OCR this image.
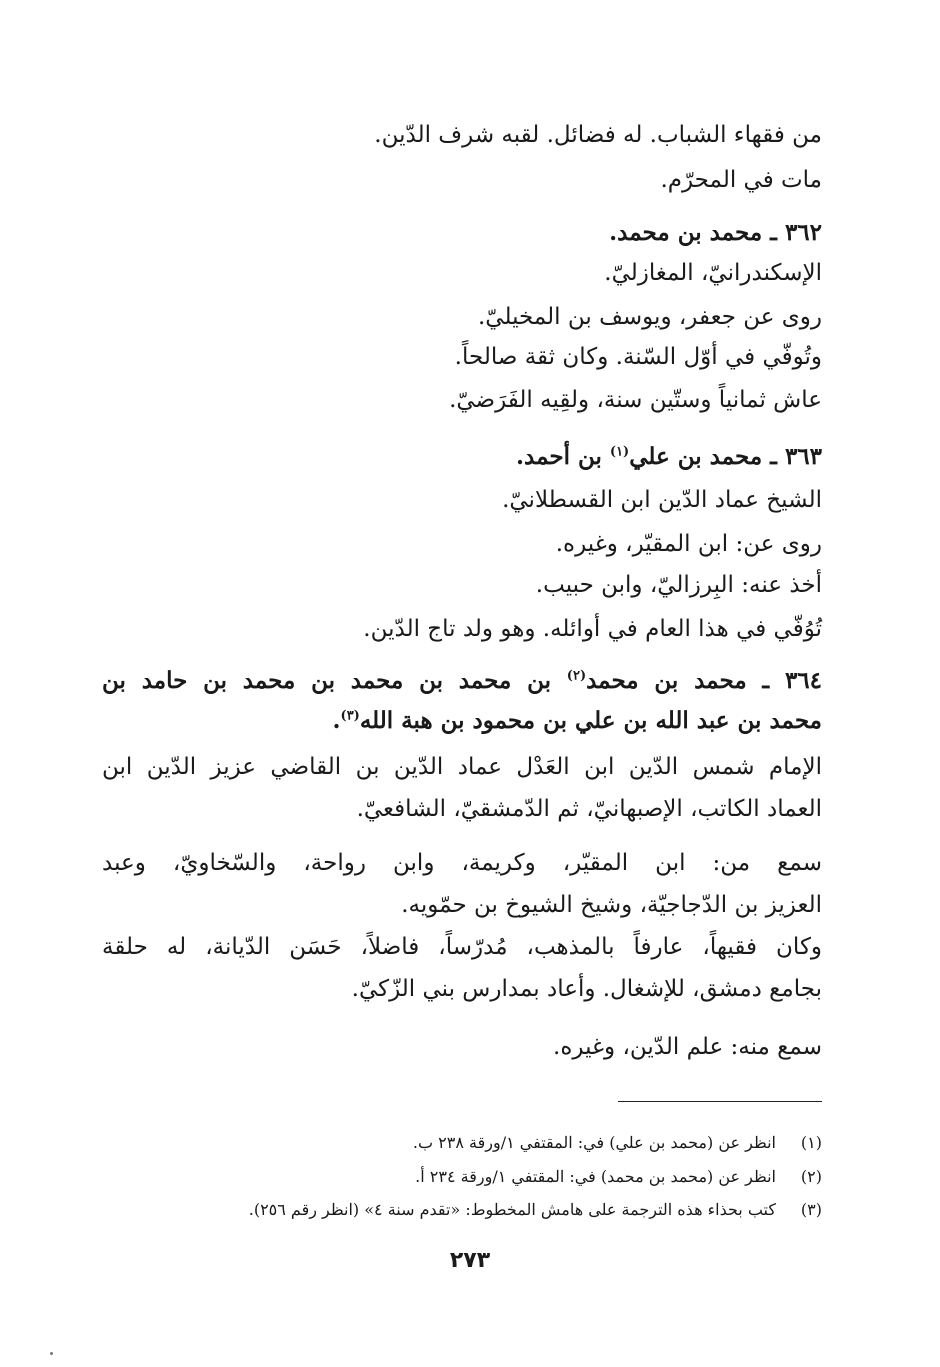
من فقهاء الشباب. له فضائل. لقبه شرف الدّين.
مات في المحرّم.
٣٦٢ ـ محمد بن محمد.
الإسكندرانيّ، المغازليّ.
روى عن جعفر، ويوسف بن المخيليّ.
وتُوفّي في أوّل السّنة. وكان ثقة صالحاً.
عاش ثمانياً وستّين سنة، ولقِيه الفَرَضيّ.
٣٦٣ ـ محمد بن علي$^{(١)}$ بن أحمد.
الشيخ عماد الدّين ابن القسطلانيّ.
روى عن: ابن المقيّر، وغيره.
أخذ عنه: البِرزاليّ، وابن حبيب.
تُوُفّي في هذا العام في أوائله. وهو ولد تاج الدّين.
٣٦٤ ـ محمد بن محمد$^{(٢)}$ بن محمد بن محمد بن محمد بن حامد بن
محمد بن عبد الله بن علي بن محمود بن هبة الله$^{(٣)}$.
الإمام شمس الدّين ابن العَدْل عماد الدّين بن القاضي عزيز الدّين ابن
العماد الكاتب، الإصبهانيّ، ثم الدّمشقيّ، الشافعيّ.
سمع من: ابن المقيّر، وكريمة، وابن رواحة، والسّخاويّ، وعبد
العزيز بن الدّجاجيّة، وشيخ الشيوخ بن حمّويه.
وكان فقيهاً، عارفاً بالمذهب، مُدرّساً، فاضلاً، حَسَن الدّيانة، له حلقة
بجامع دمشق، للإشغال. وأعاد بمدارس بني الزّكيّ.
سمع منه: علم الدّين، وغيره.
(١)
انظر عن (محمد بن علي) في: المقتفي ١/ورقة ٢٣٨ ب.
(٢)
انظر عن (محمد بن محمد) في: المقتفي ١/ورقة ٢٣٤ أ.
(٣)
كتب بحذاء هذه الترجمة على هامش المخطوط: «تقدم سنة ٤» (انظر رقم ٢٥٦).
٢٧٣
